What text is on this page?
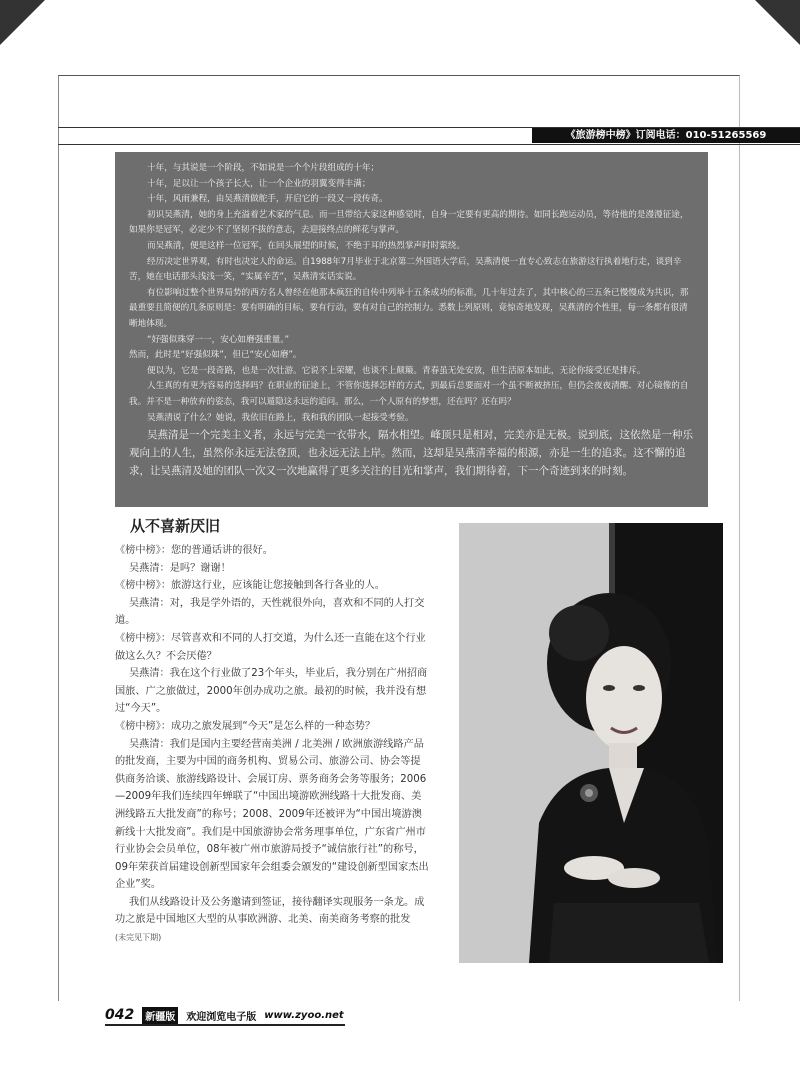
《旅游榜中榜》订阅电话：010-51265569

十年，与其说是一个阶段，不如说是一个个片段组成的十年；

十年，足以让一个孩子长大，让一个企业的羽翼变得丰满；

十年，风雨兼程，由吴燕清做舵手，开启它的一段又一段传奇。

初识吴燕清，她的身上充溢着艺术家的气息。而一旦带给大家这种感觉时，自身一定要有更高的期待。如同长跑运动员，等待他的是漫漫征途，如果你是冠军，必定少不了坚韧不拔的意志，去迎接终点的鲜花与掌声。

而吴燕清，便是这样一位冠军，在回头展望的时候，不绝于耳的热烈掌声时时萦绕。

经历决定世界观，有时也决定人的命运。自1988年7月毕业于北京第二外国语大学后，吴燕清便一直专心致志在旅游这行执着地行走，谈到辛苦，她在电话那头浅浅一笑，“实属辛苦”，吴燕清实话实说。

有位影响过整个世界局势的西方名人曾经在他那本疯狂的自传中列举十五条成功的标准，几十年过去了，其中核心的三五条已慢慢成为共识，那最重要且简便的几条原则是：要有明确的目标，要有行动，要有对自己的控制力。悉数上列原则，竟惊奇地发现，吴燕清的个性里，每一条都有很清晰地体现。

“好强似珠穿一一，安心如磨强重量。”

然而，此时是“好强似珠”，但已“安心如磨”。

便以为，它是一段奇路，也是一次壮游。它说不上荣耀，也谈不上颠簸。青春虽无处安放，但生活原本如此，无论你接受还是排斥。

人生真的有更为容易的选择吗？在职业的征途上，不管你选择怎样的方式，到最后总要面对一个虽不断被挤压，但仍会夜夜清醒、对心镜像的自我。并不是一种放弃的姿态，我可以遁隐这永远的追问。那么，一个人原有的梦想，还在吗？还在吗？

吴燕清说了什么？她说，我依旧在路上，我和我的团队一起接受考验。

吴燕清是一个完美主义者，永远与完美一衣带水，隔水相望。峰顶只是相对，完美亦是无极。说到底，这依然是一种乐观向上的人生，虽然你永远无法登顶，也永远无法上岸。然而，这却是吴燕清幸福的根源，亦是一生的追求。这不懈的追求，让吴燕清及她的团队一次又一次地赢得了更多关注的目光和掌声，我们期待着，下一个奇迹到来的时刻。

从不喜新厌旧

《榜中榜》：您的普通话讲的很好。

吴燕清：是吗？谢谢！

《榜中榜》：旅游这行业，应该能让您接触到各行各业的人。

吴燕清：对，我是学外语的，天性就很外向，喜欢和不同的人打交道。

《榜中榜》：尽管喜欢和不同的人打交道，为什么还一直能在这个行业做这么久？不会厌倦？

吴燕清：我在这个行业做了23个年头，毕业后，我分别在广州招商国旅、广之旅做过，2000年创办成功之旅。最初的时候，我并没有想过“今天”。

《榜中榜》：成功之旅发展到“今天”是怎么样的一种态势？

吴燕清：我们是国内主要经营南美洲 / 北美洲 / 欧洲旅游线路产品的批发商，主要为中国的商务机构、贸易公司、旅游公司、协会等提供商务洽谈、旅游线路设计、会展订房、票务商务会务等服务；2006—2009年我们连续四年蝉联了“中国出境游欧洲线路十大批发商、美洲线路五大批发商”的称号；2008、2009年还被评为“中国出境游澳新线十大批发商”。我们是中国旅游协会常务理事单位，广东省广州市行业协会会员单位，08年被广州市旅游局授予“诚信旅行社”的称号，09年荣获首届建设创新型国家年会组委会颁发的“建设创新型国家杰出企业”奖。

我们从线路设计及公务邀请到签证，接待翻译实现服务一条龙。成功之旅是中国地区大型的从事欧洲游、北美、南美商务考察的批发

(未完见下期)

042	新疆版	欢迎浏览电子版 www.zyoo.net
